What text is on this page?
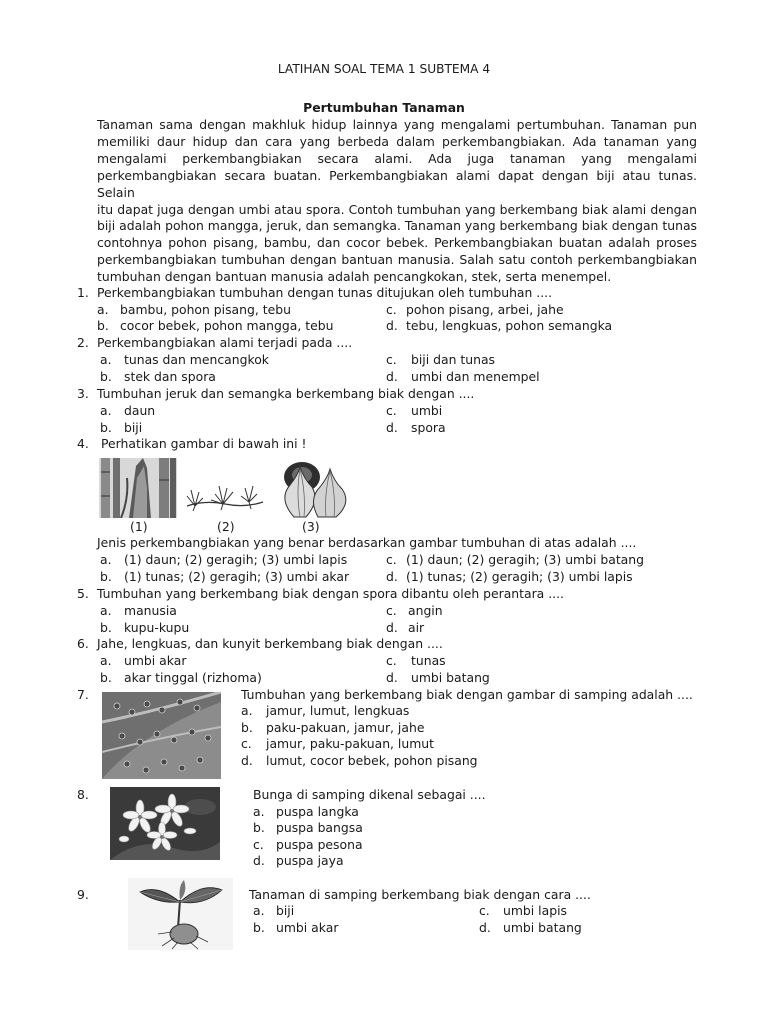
LATIHAN SOAL TEMA 1 SUBTEMA 4
Pertumbuhan Tanaman
Tanaman sama dengan makhluk hidup lainnya yang mengalami pertumbuhan. Tanaman pun
memiliki daur hidup dan cara yang berbeda dalam perkembangbiakan. Ada tanaman yang
mengalami perkembangbiakan secara alami. Ada juga tanaman yang mengalami
perkembangbiakan secara buatan. Perkembangbiakan alami dapat dengan biji atau tunas. Selain
itu dapat juga dengan umbi atau spora. Contoh tumbuhan yang berkembang biak alami dengan
biji adalah pohon mangga, jeruk, dan semangka. Tanaman yang berkembang biak dengan tunas
contohnya pohon pisang, bambu, dan cocor bebek. Perkembangbiakan buatan adalah proses
perkembangbiakan tumbuhan dengan bantuan manusia. Salah satu contoh perkembangbiakan
tumbuhan dengan bantuan manusia adalah pencangkokan, stek, serta menempel.
1. Perkembangbiakan tumbuhan dengan tunas ditujukan oleh tumbuhan ....
a. bambu, pohon pisang, tebu	c. pohon pisang, arbei, jahe
b. cocor bebek, pohon mangga, tebu	d. tebu, lengkuas, pohon semangka
2. Perkembangbiakan alami terjadi pada ....
a. tunas dan mencangkok	c. biji dan tunas
b. stek dan spora	d. umbi dan menempel
3. Tumbuhan jeruk dan semangka berkembang biak dengan ....
a. daun	c. umbi
b. biji	d. spora
4. Perhatikan gambar di bawah ini !
(1)	(2)	(3)
Jenis perkembangbiakan yang benar berdasarkan gambar tumbuhan di atas adalah ....
a. (1) daun; (2) geragih; (3) umbi lapis	c. (1) daun; (2) geragih; (3) umbi batang
b. (1) tunas; (2) geragih; (3) umbi akar	d. (1) tunas; (2) geragih; (3) umbi lapis
5. Tumbuhan yang berkembang biak dengan spora dibantu oleh perantara ....
a. manusia	c. angin
b. kupu-kupu	d. air
6. Jahe, lengkuas, dan kunyit berkembang biak dengan ....
a. umbi akar	c. tunas
b. akar tinggal (rizhoma)	d. umbi batang
7.	Tumbuhan yang berkembang biak dengan gambar di samping adalah ....
a. jamur, lumut, lengkuas
b. paku-pakuan, jamur, jahe
c. jamur, paku-pakuan, lumut
d. lumut, cocor bebek, pohon pisang
8.	Bunga di samping dikenal sebagai ....
a. puspa langka
b. puspa bangsa
c. puspa pesona
d. puspa jaya
9.	Tanaman di samping berkembang biak dengan cara ....
a. biji	c. umbi lapis
b. umbi akar	d. umbi batang
